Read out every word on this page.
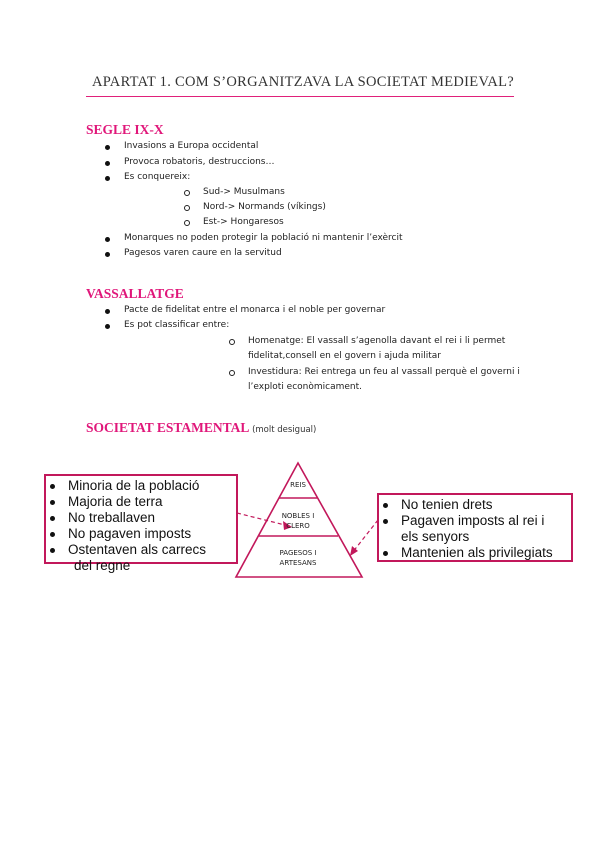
APARTAT 1. COM S’ORGANITZAVA LA SOCIETAT MEDIEVAL?
SEGLE IX-X
Invasions a Europa occidental
Provoca robatoris, destruccions…
Es conquereix:
Sud-> Musulmans
Nord-> Normands (víkings)
Est-> Hongaresos
Monarques no poden protegir la població ni mantenir l’exèrcit
Pagesos varen caure en la servitud
VASSALLATGE
Pacte de fidelitat entre el monarca i el noble per governar
Es pot classificar entre:
Homenatge: El vassall s’agenolla davant el rei i li permet
fidelitat,consell en el govern i ajuda militar
Investidura: Rei entrega un feu al vassall perquè el governi i
l’exploti econòmicament.
SOCIETAT ESTAMENTAL (molt desigual)
REIS
NOBLES I
CLERO
PAGESOS I
ARTESANS
Minoria de la població
Majoria de terra
No treballaven
No pagaven imposts
Ostentaven als carrecs
del regne
No tenien drets
Pagaven imposts al rei i
els senyors
Mantenien als privilegiats
